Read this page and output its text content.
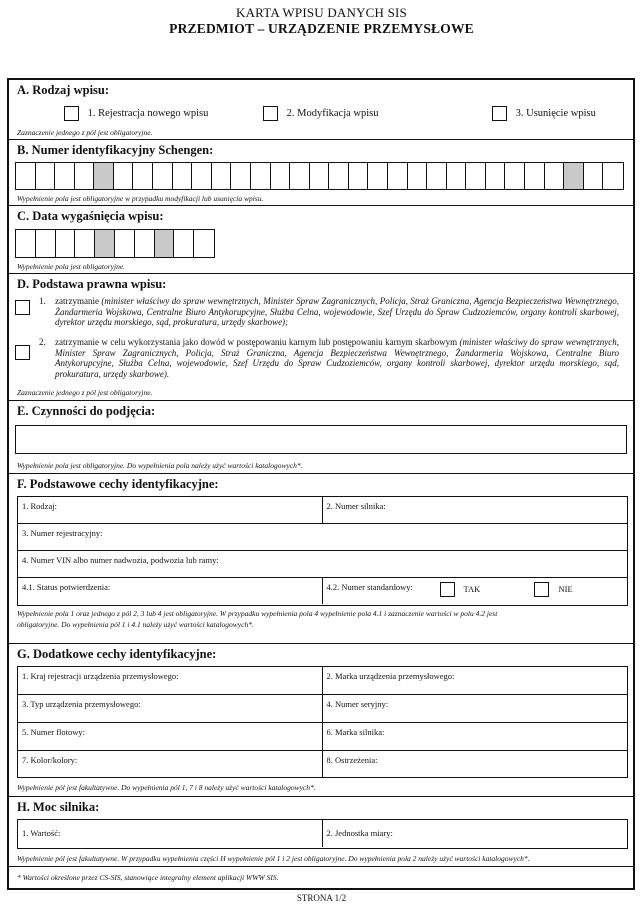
KARTA WPISU DANYCH SIS
PRZEDMIOT – URZĄDZENIE PRZEMYSŁOWE
A. Rodzaj wpisu:
1. Rejestracja nowego wpisu	2. Modyfikacja wpisu	3. Usunięcie wpisu
Zaznaczenie jednego z pól jest obligatoryjne.
B. Numer identyfikacyjny Schengen:
Wypełnienie pola jest obligatoryjne w przypadku modyfikacji lub usunięcia wpisu.
C. Data wygaśnięcia wpisu:
Wypełnienie pola jest obligatoryjne.
D. Podstawa prawna wpisu:
1. zatrzymanie (minister właściwy do spraw wewnętrznych, Minister Spraw Zagranicznych, Policja, Straż Graniczna, Agencja Bezpieczeństwa Wewnętrznego, Żandarmeria Wojskowa, Centralne Biuro Antykorupcyjne, Służba Celna, wojewodowie, Szef Urzędu do Spraw Cudzoziemców, organy kontroli skarbowej, dyrektor urzędu morskiego, sąd, prokuratura, urzędy skarbowe);
2. zatrzymanie w celu wykorzystania jako dowód w postępowaniu karnym lub postępowaniu karnym skarbowym (minister właściwy do spraw wewnętrznych, Minister Spraw Zagranicznych, Policja, Straż Graniczna, Agencja Bezpieczeństwa Wewnętrznego, Żandarmeria Wojskowa, Centralne Biuro Antykorupcyjne, Służba Celna, wojewodowie, Szef Urzędu do Spraw Cudzoziemców, organy kontroli skarbowej, dyrektor urzędu morskiego, sąd, prokuratura, urzędy skarbowe).
Zaznaczenie jednego z pól jest obligatoryjne.
E. Czynności do podjęcia:
Wypełnienie pola jest obligatoryjne. Do wypełnienia pola należy użyć wartości katalogowych*.
F. Podstawowe cechy identyfikacyjne:
1. Rodzaj:	2. Numer silnika:
3. Numer rejestracyjny:
4. Numer VIN albo numer nadwozia, podwozia lub ramy:
4.1. Status potwierdzenia:	4.2. Numer standardowy:	TAK	NIE
Wypełnienie pola 1 oraz jednego z pól 2, 3 lub 4 jest obligatoryjne. W przypadku wypełnienia pola 4 wypełnienie pola 4.1 i zaznaczenie wartości w polu 4.2 jest
obligatoryjne. Do wypełnienia pól 1 i 4.1 należy użyć wartości katalogowych*.
G. Dodatkowe cechy identyfikacyjne:
1. Kraj rejestracji urządzenia przemysłowego:	2. Marka urządzenia przemysłowego:
3. Typ urządzenia przemysłowego:	4. Numer seryjny:
5. Numer flotowy:	6. Marka silnika:
7. Kolor/kolory:	8. Ostrzeżenia:
Wypełnienie pól jest fakultatywne. Do wypełnienia pól 1, 7 i 8 należy użyć wartości katalogowych*.
H. Moc silnika:
1. Wartość:	2. Jednostka miary:
Wypełnienie pól jest fakultatywne. W przypadku wypełnienia części H wypełnienie pól 1 i 2 jest obligatoryjne. Do wypełnienia pola 2 należy użyć wartości katalogowych*.
* Wartości określone przez CS-SIS, stanowiące integralny element aplikacji WWW SIS.
STRONA 1/2
